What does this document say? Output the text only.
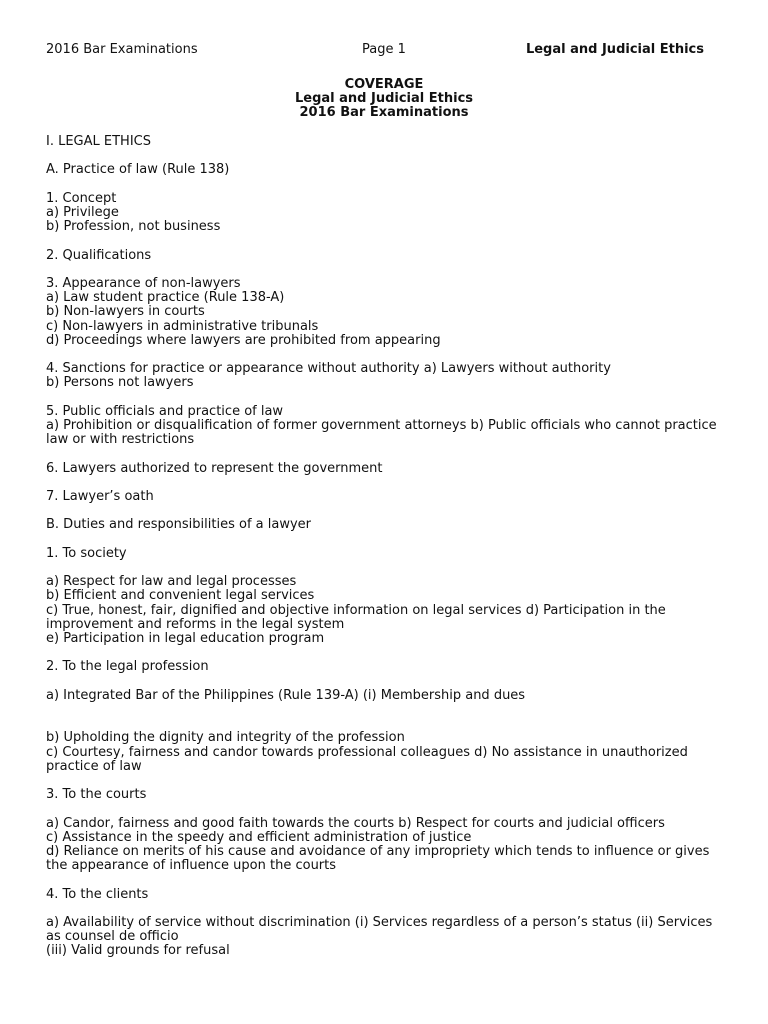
2016 Bar Examinations	Page 1	Legal and Judicial Ethics
COVERAGE
Legal and Judicial Ethics
2016 Bar Examinations

I. LEGAL ETHICS

A. Practice of law (Rule 138)

1. Concept
a) Privilege
b) Profession, not business

2. Qualifications

3. Appearance of non-lawyers
a) Law student practice (Rule 138-A)
b) Non-lawyers in courts
c) Non-lawyers in administrative tribunals
d) Proceedings where lawyers are prohibited from appearing

4. Sanctions for practice or appearance without authority a) Lawyers without authority
b) Persons not lawyers

5. Public officials and practice of law
a) Prohibition or disqualification of former government attorneys b) Public officials who cannot practice
law or with restrictions

6. Lawyers authorized to represent the government

7. Lawyer’s oath

B. Duties and responsibilities of a lawyer

1. To society

a) Respect for law and legal processes
b) Efficient and convenient legal services
c) True, honest, fair, dignified and objective information on legal services d) Participation in the
improvement and reforms in the legal system
e) Participation in legal education program

2. To the legal profession

a) Integrated Bar of the Philippines (Rule 139-A) (i) Membership and dues

b) Upholding the dignity and integrity of the profession
c) Courtesy, fairness and candor towards professional colleagues d) No assistance in unauthorized
practice of law

3. To the courts

a) Candor, fairness and good faith towards the courts b) Respect for courts and judicial officers
c) Assistance in the speedy and efficient administration of justice
d) Reliance on merits of his cause and avoidance of any impropriety which tends to influence or gives
the appearance of influence upon the courts

4. To the clients

a) Availability of service without discrimination (i) Services regardless of a person’s status (ii) Services
as counsel de officio
(iii) Valid grounds for refusal
